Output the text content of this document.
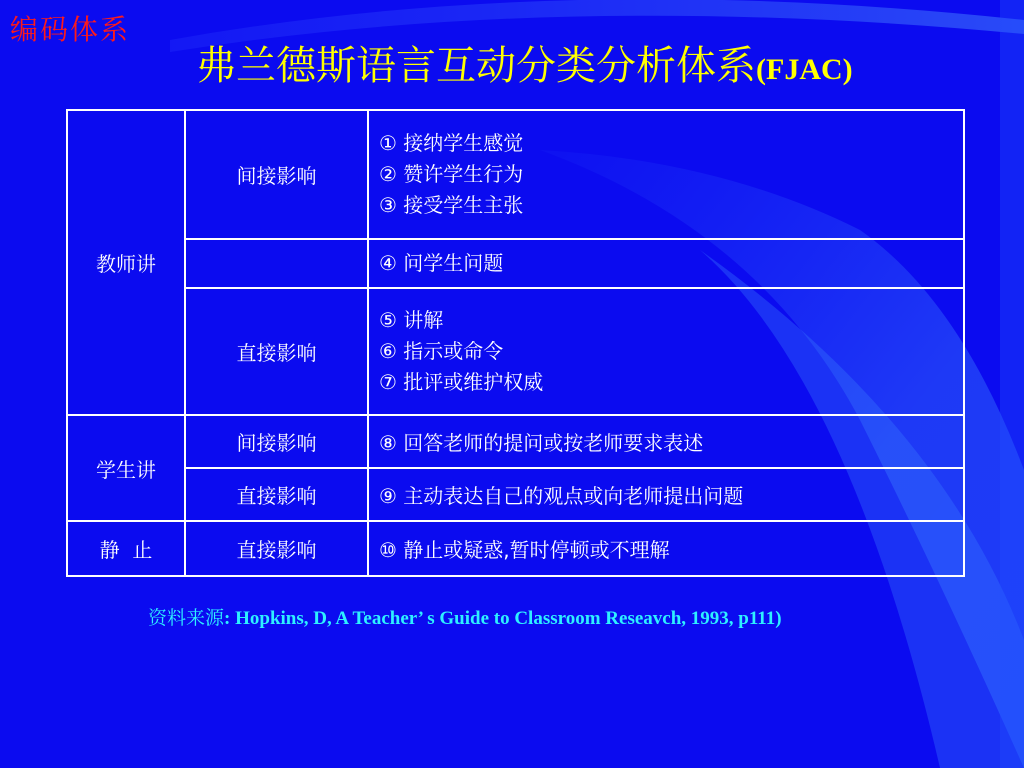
编码体系
弗兰德斯语言互动分类分析体系(FJAC)
教师讲	间接影响	① 接纳学生感觉
② 赞许学生行为
③ 接受学生主张

		④ 问学生问题

	直接影响	⑤ 讲解
⑥ 指示或命令
⑦ 批评或维护权威

学生讲	间接影响	⑧ 回答老师的提问或按老师要求表述
	直接影响	⑨ 主动表达自己的观点或向老师提出问题
静  止	直接影响	⑩ 静止或疑惑,暂时停顿或不理解
资料来源: Hopkins, D, A Teacher’ s Guide to Classroom Reseavch, 1993, p111)
